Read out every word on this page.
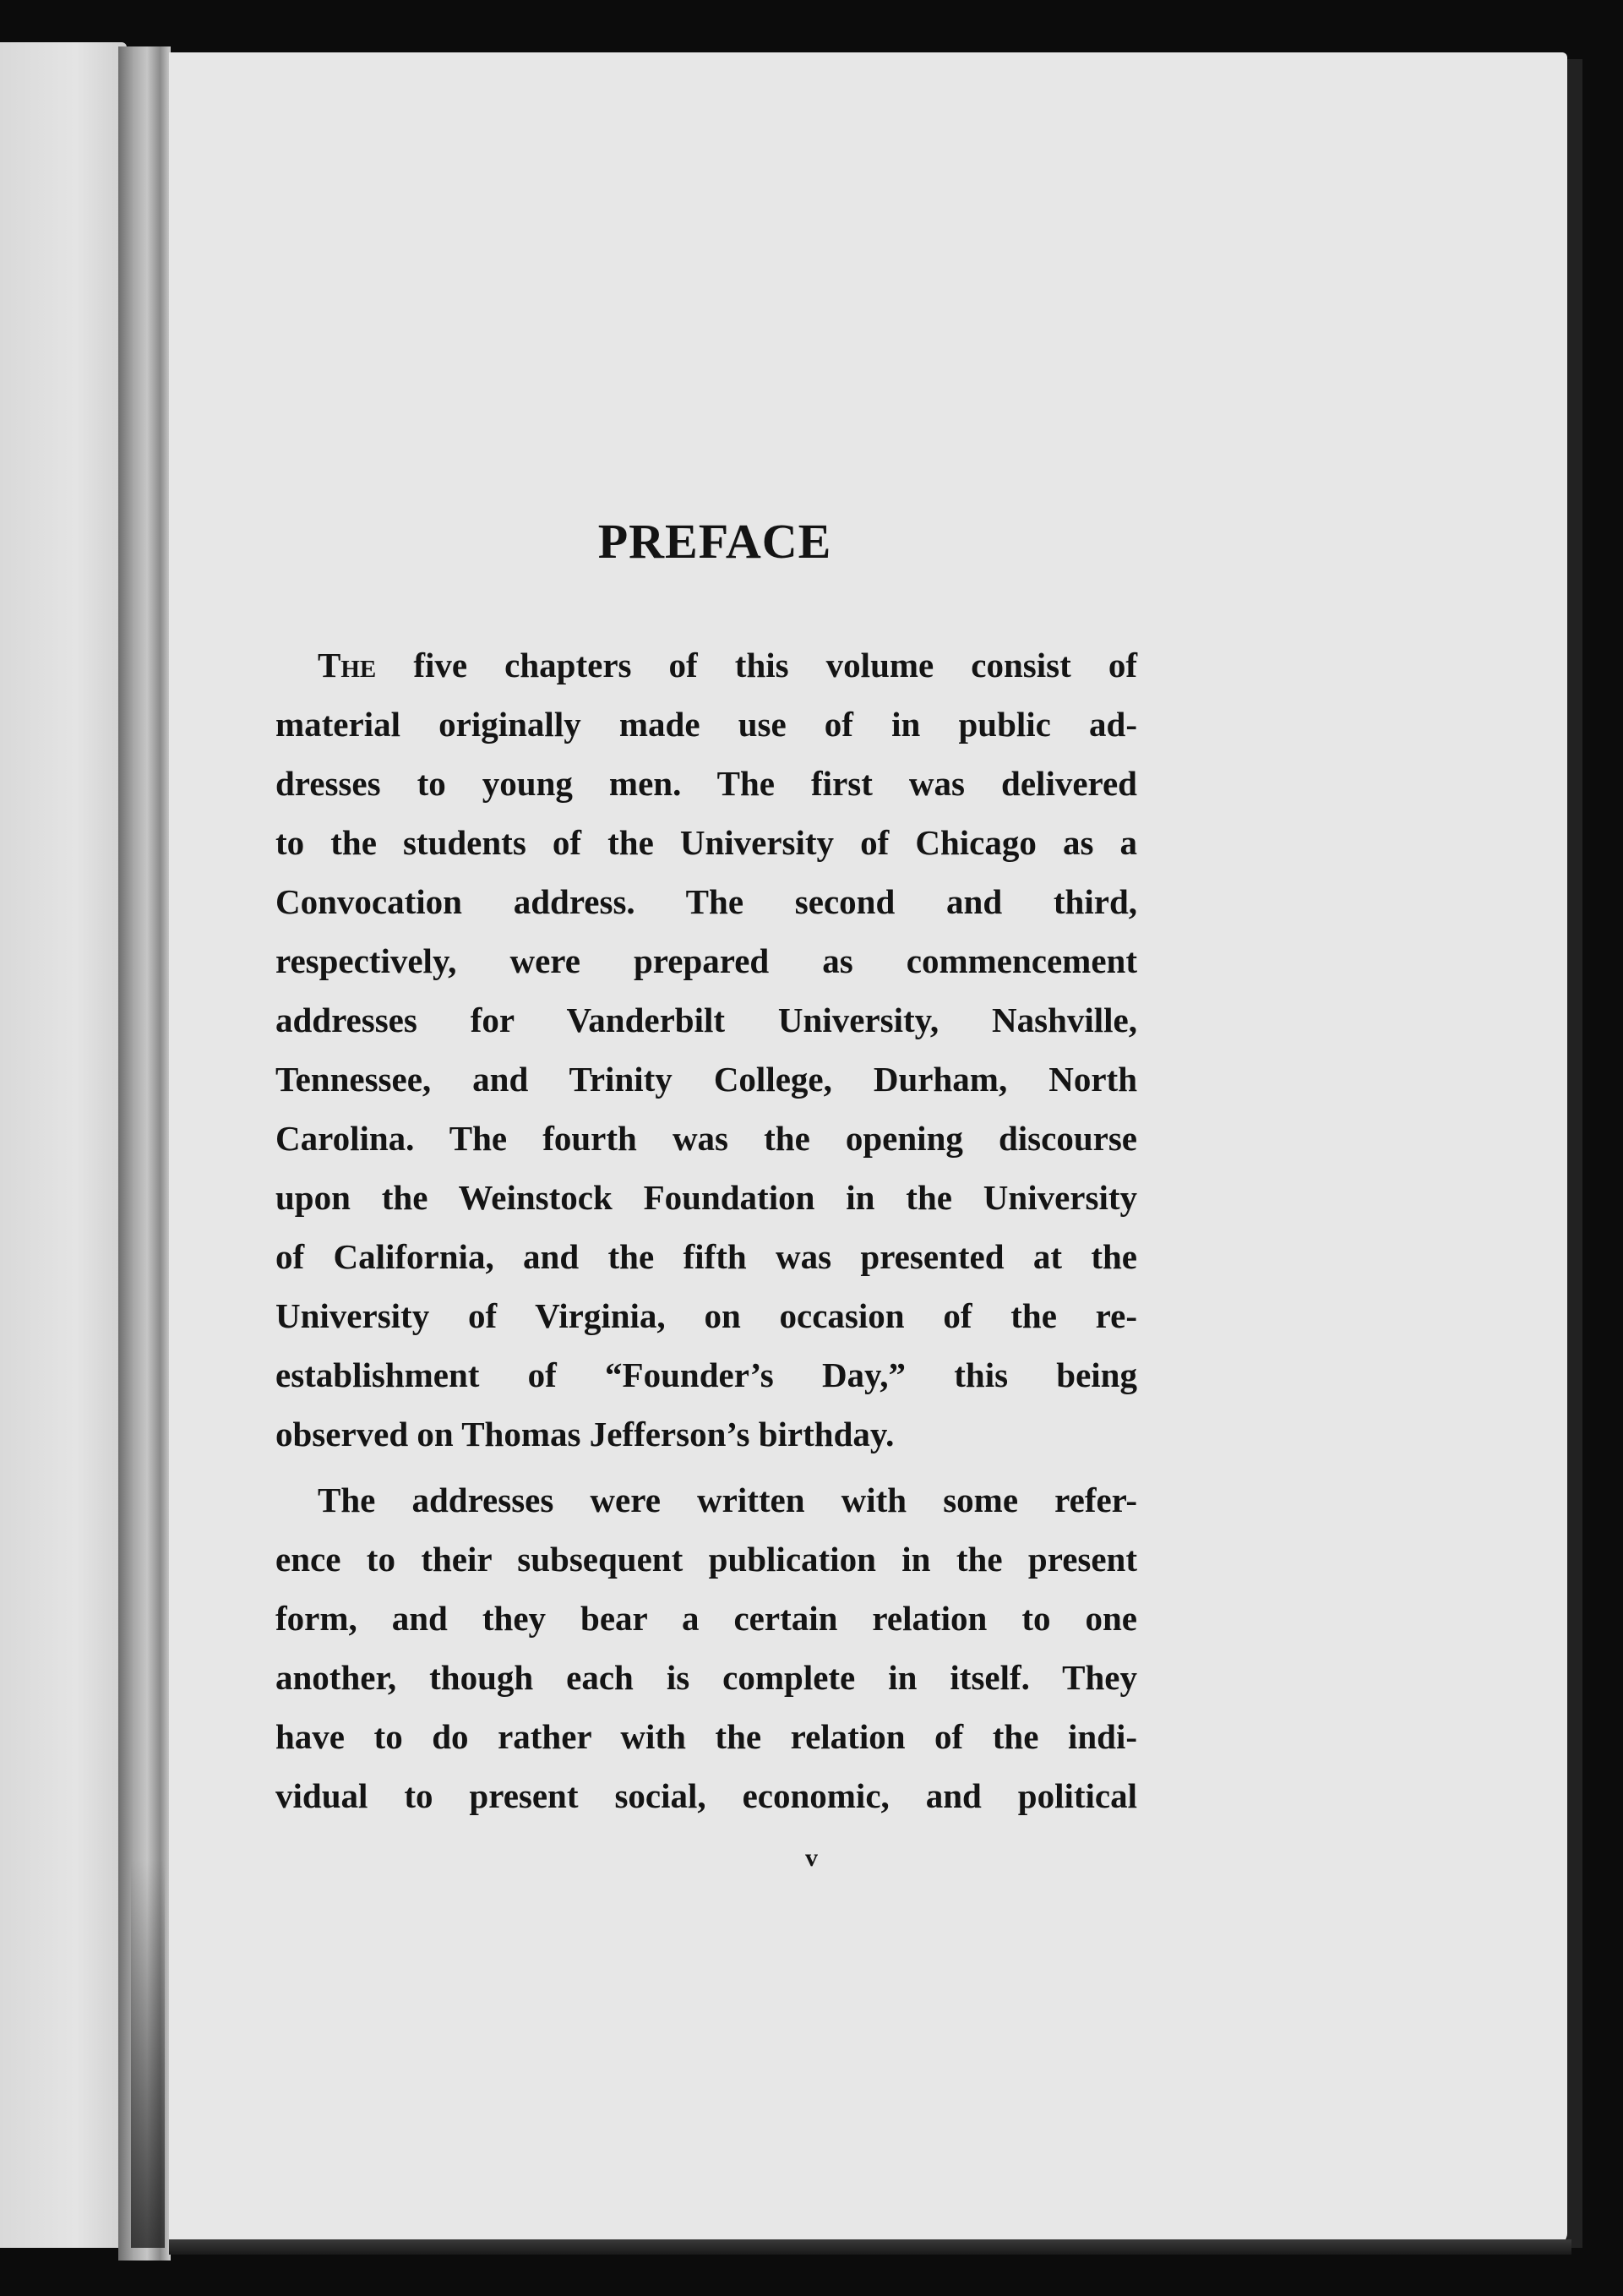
PREFACE
The five chapters of this volume consist of
material originally made use of in public ad-
dresses to young men. The first was delivered
to the students of the University of Chicago as a
Convocation address. The second and third,
respectively, were prepared as commencement
addresses for Vanderbilt University, Nashville,
Tennessee, and Trinity College, Durham, North
Carolina. The fourth was the opening discourse
upon the Weinstock Foundation in the University
of California, and the fifth was presented at the
University of Virginia, on occasion of the re-
establishment of “Founder’s Day,” this being
observed on Thomas Jefferson’s birthday.
The addresses were written with some refer-
ence to their subsequent publication in the present
form, and they bear a certain relation to one
another, though each is complete in itself. They
have to do rather with the relation of the indi-
vidual to present social, economic, and political
v
